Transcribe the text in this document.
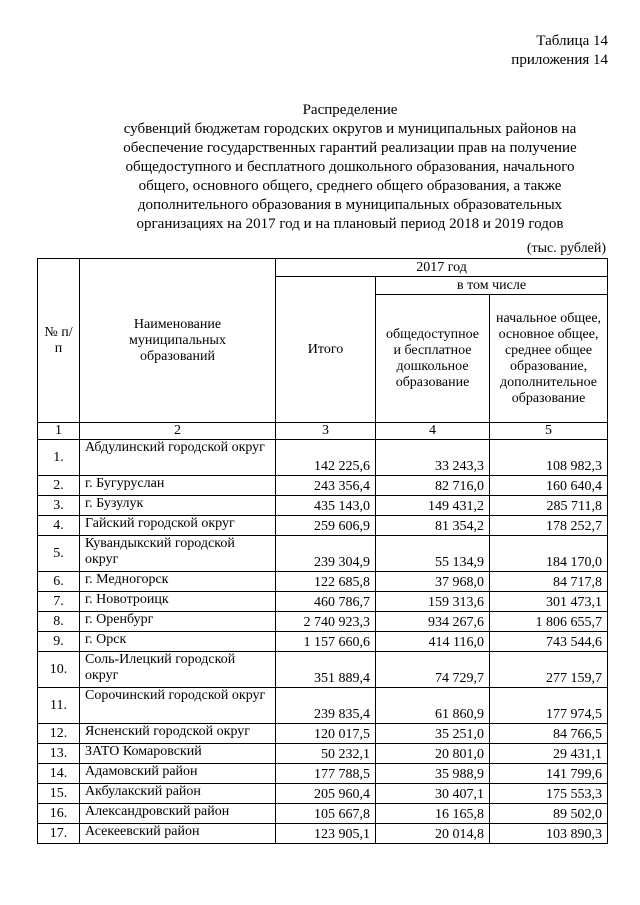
Таблица 14
приложения 14
Распределение
субвенций бюджетам городских округов и муниципальных районов на
обеспечение государственных гарантий реализации прав на получение
общедоступного и бесплатного дошкольного образования, начального
общего, основного общего, среднего общего образования, а также
дополнительного образования в муниципальных образовательных
организациях на 2017 год и на плановый период 2018 и 2019 годов
(тыс. рублей)
№ п/п	Наименование муниципальных образований	2017 год		
		Итого	в том числе	
			общедоступное и бесплатное дошкольное образование	начальное общее, основное общее, среднее общее образование, дополнительное образование
1	2	3	4	5
1.	Абдулинский городской округ	142 225,6	33 243,3	108 982,3
2.	г. Бугуруслан	243 356,4	82 716,0	160 640,4
3.	г. Бузулук	435 143,0	149 431,2	285 711,8
4.	Гайский городской округ	259 606,9	81 354,2	178 252,7
5.	Кувандыкский городской округ	239 304,9	55 134,9	184 170,0
6.	г. Медногорск	122 685,8	37 968,0	84 717,8
7.	г. Новотроицк	460 786,7	159 313,6	301 473,1
8.	г. Оренбург	2 740 923,3	934 267,6	1 806 655,7
9.	г. Орск	1 157 660,6	414 116,0	743 544,6
10.	Соль-Илецкий городской округ	351 889,4	74 729,7	277 159,7
11.	Сорочинский городской округ	239 835,4	61 860,9	177 974,5
12.	Ясненский городской округ	120 017,5	35 251,0	84 766,5
13.	ЗАТО Комаровский	50 232,1	20 801,0	29 431,1
14.	Адамовский район	177 788,5	35 988,9	141 799,6
15.	Акбулакский район	205 960,4	30 407,1	175 553,3
16.	Александровский район	105 667,8	16 165,8	89 502,0
17.	Асекеевский район	123 905,1	20 014,8	103 890,3
